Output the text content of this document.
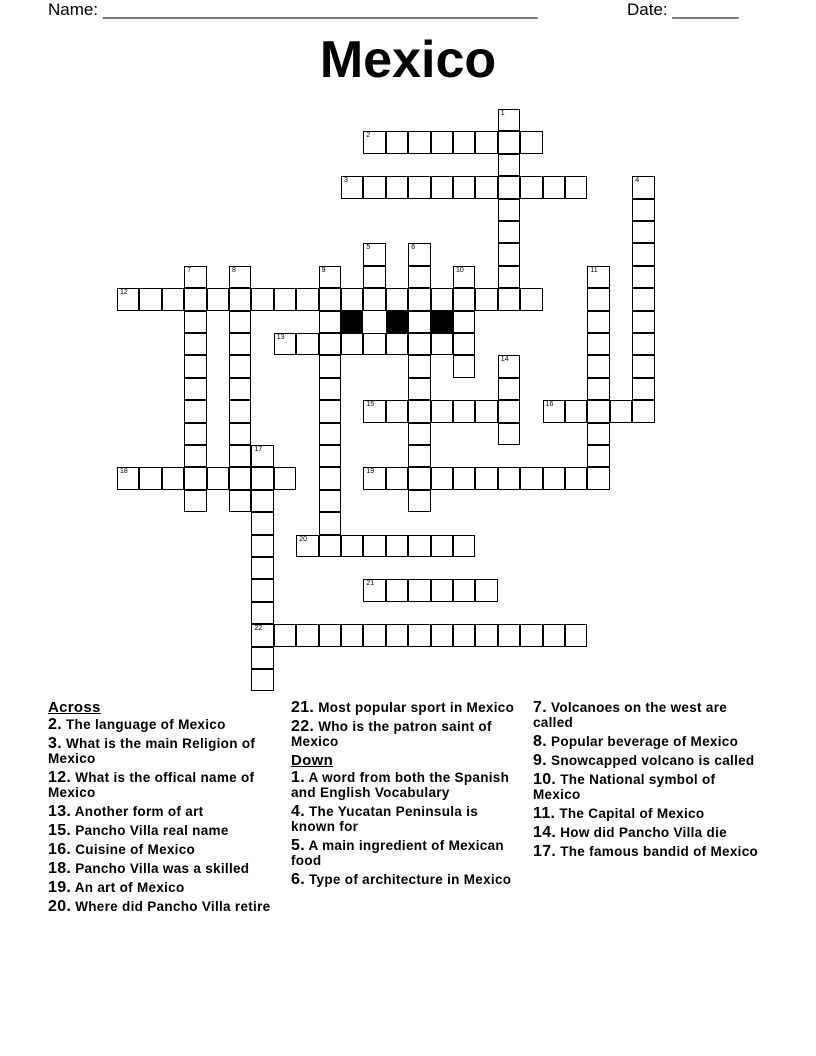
Name: ______________________________________________	Date: _______
Mexico
1
2
3	4
5	6
7	8	9	10	11
12
13
14
15	16
17
22
18	19
20
21
Across
2. The language of Mexico
3. What is the main Religion of Mexico
12. What is the offical name of Mexico
13. Another form of art
15. Pancho Villa real name
16. Cuisine of Mexico
18. Pancho Villa was a skilled
19. An art of Mexico
20. Where did Pancho Villa retire
21. Most popular sport in Mexico
22. Who is the patron saint of Mexico
Down
1. A word from both the Spanish and English Vocabulary
4. The Yucatan Peninsula is known for
5. A main ingredient of Mexican food
6. Type of architecture in Mexico
7. Volcanoes on the west are called
8. Popular beverage of Mexico
9. Snowcapped volcano is called
10. The National symbol of Mexico
11. The Capital of Mexico
14. How did Pancho Villa die
17. The famous bandid of Mexico
